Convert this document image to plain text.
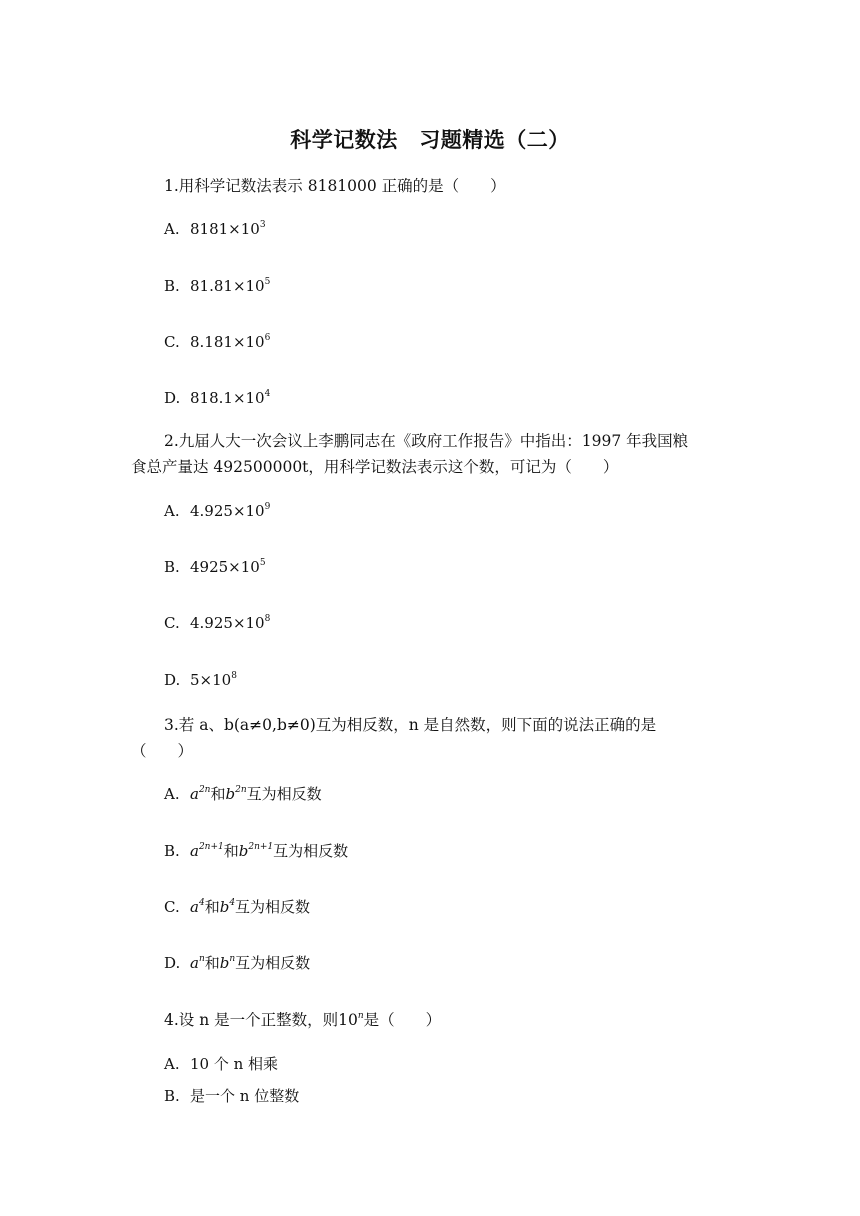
科学记数法　习题精选（二）
1.用科学记数法表示 8181000 正确的是（　　）
A. $8181\times 10^3$
B. $81.81\times 10^5$
C. $8.181\times 10^6$
D. $818.1\times 10^4$
2.九届人大一次会议上李鹏同志在《政府工作报告》中指出：1997 年我国粮食总产量达 492500000t，用科学记数法表示这个数，可记为（　　）
A. $4.925\times 10^9$
B. $4925\times 10^5$
C. $4.925\times 10^8$
D. $5\times 10^8$
3.若 a、b(a≠0,b≠0)互为相反数，n 是自然数，则下面的说法正确的是（　　）
A. $a^{2n}$和$b^{2n}$互为相反数
B. $a^{2n+1}$和$b^{2n+1}$互为相反数
C. $a^4$和$b^4$互为相反数
D. $a^n$和$b^n$互为相反数
4.设 n 是一个正整数，则10$^n$是（　　）
A. 10 个 n 相乘
B. 是一个 n 位整数
